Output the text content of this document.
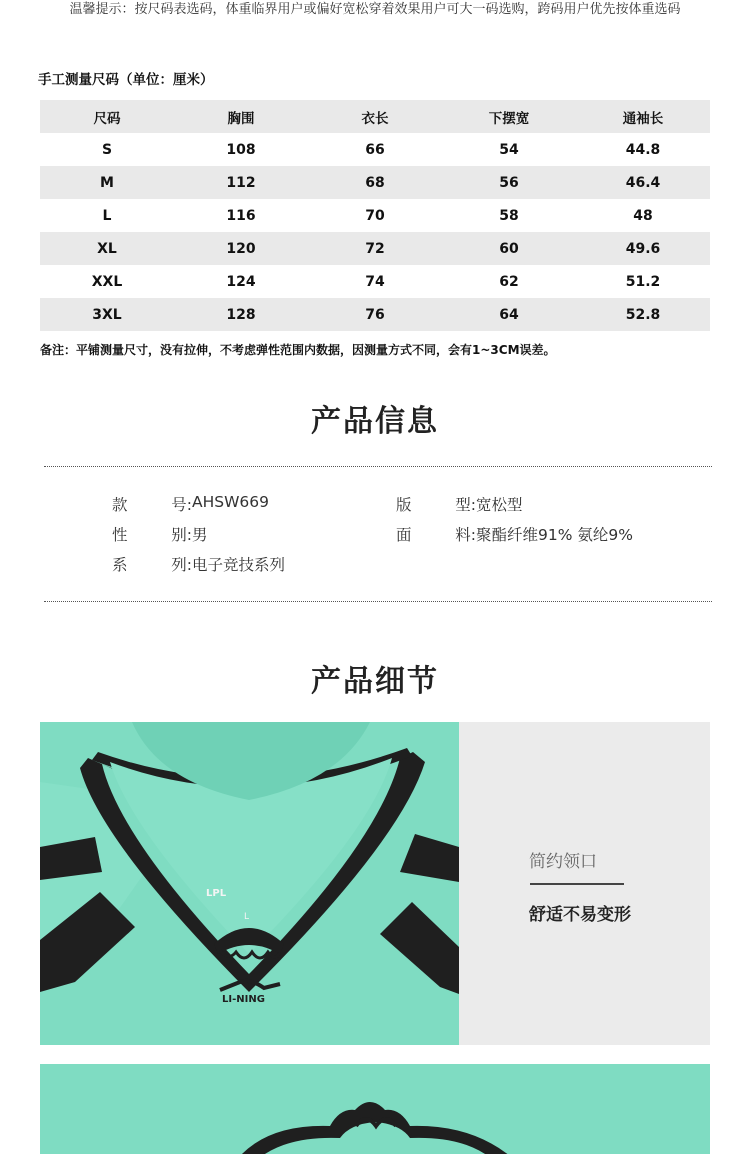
温馨提示：按尺码表选码，体重临界用户或偏好宽松穿着效果用户可大一码选购，跨码用户优先按体重选码
手工测量尺码（单位：厘米）
尺码	胸围	衣长	下摆宽	通袖长
S	108	66	54	44.8
M	112	68	56	46.4
L	116	70	58	48
XL	120	72	60	49.6
XXL	124	74	62	51.2
3XL	128	76	64	52.8
备注：平铺测量尺寸，没有拉伸，不考虑弹性范围内数据，因测量方式不同，会有1~3CM误差。
产品信息
款	号: AHSW669	版	型: 宽松型
性	别: 男	面	料: 聚酯纤维91% 氨纶9%
系	列: 电子竞技系列
产品细节
LPL
L
LI-NING
简约领口
舒适不易变形
